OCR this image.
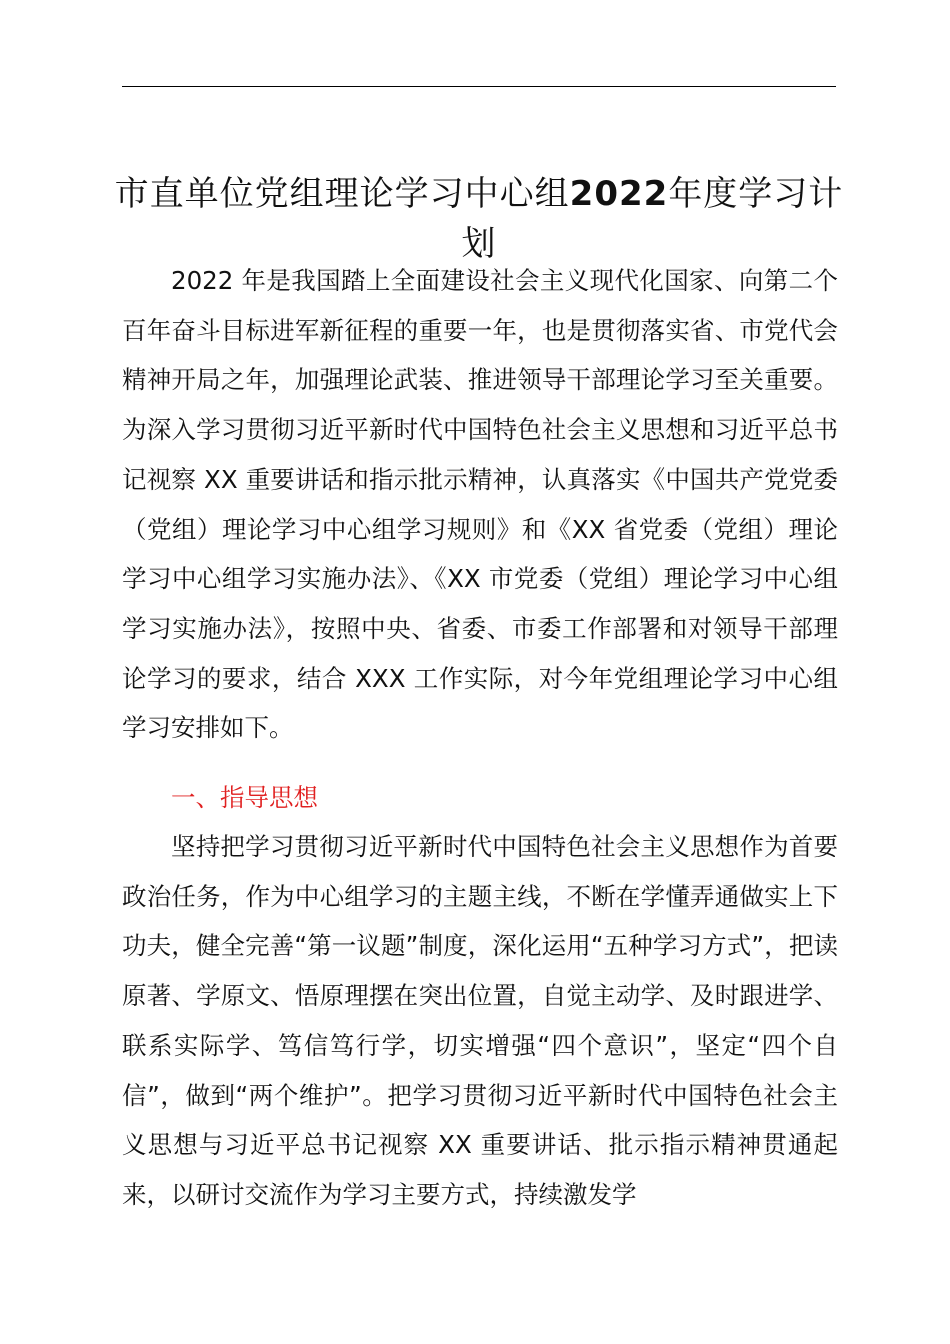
市直单位党组理论学习中心组2022年度学习计划

2022 年是我国踏上全面建设社会主义现代化国家、向第二个百年奋斗目标进军新征程的重要一年，也是贯彻落实省、市党代会精神开局之年，加强理论武装、推进领导干部理论学习至关重要。为深入学习贯彻习近平新时代中国特色社会主义思想和习近平总书记视察 XX 重要讲话和指示批示精神，认真落实《中国共产党党委（党组）理论学习中心组学习规则》和《XX 省党委（党组）理论学习中心组学习实施办法》、《XX 市党委（党组）理论学习中心组学习实施办法》，按照中央、省委、市委工作部署和对领导干部理论学习的要求，结合 XXX 工作实际，对今年党组理论学习中心组学习安排如下。

一、指导思想

坚持把学习贯彻习近平新时代中国特色社会主义思想作为首要政治任务，作为中心组学习的主题主线，不断在学懂弄通做实上下功夫，健全完善“第一议题”制度，深化运用“五种学习方式”，把读原著、学原文、悟原理摆在突出位置，自觉主动学、及时跟进学、联系实际学、笃信笃行学，切实增强“四个意识”，坚定“四个自信”，做到“两个维护”。把学习贯彻习近平新时代中国特色社会主义思想与习近平总书记视察 XX 重要讲话、批示指示精神贯通起来，以研讨交流作为学习主要方式，持续激发学
